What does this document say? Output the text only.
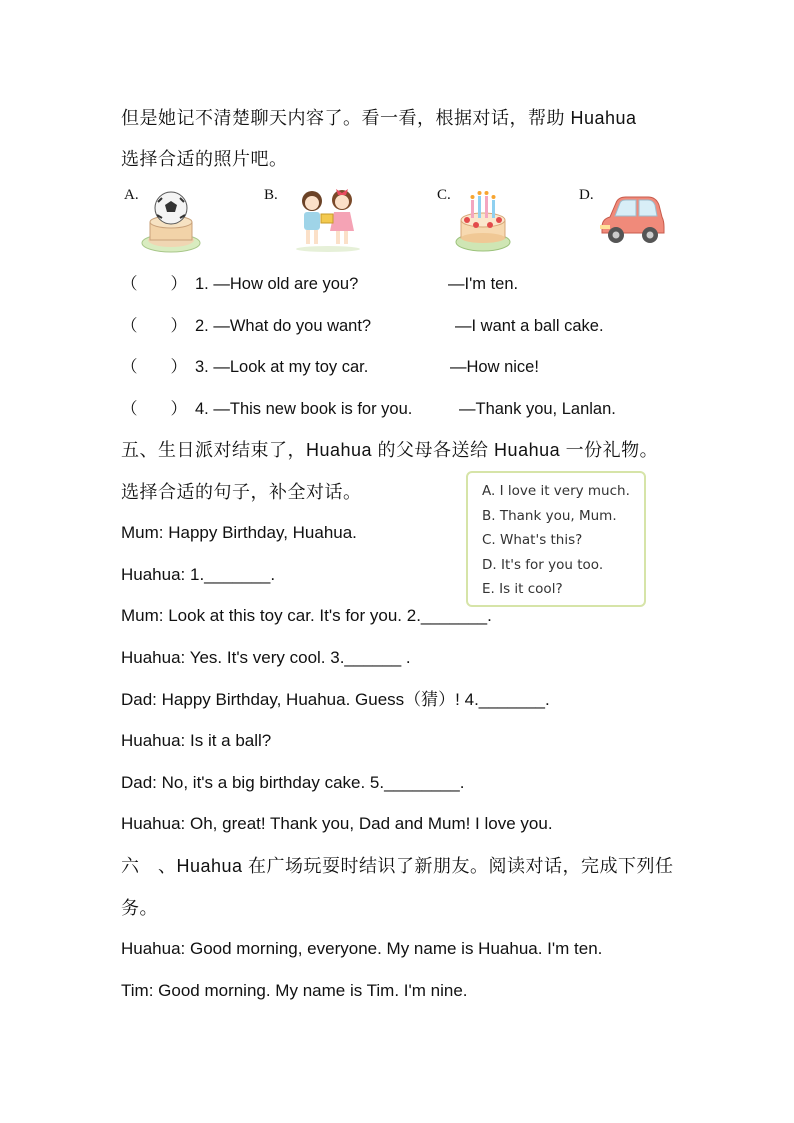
但是她记不清楚聊天内容了。看一看，根据对话，帮助 Huahua
选择合适的照片吧。
A.	B.	C.	D.
（　　） 1. —How old are you?	—I'm ten.
（　　） 2. —What do you want?	—I want a ball cake.
（　　） 3. —Look at my toy car.	—How nice!
（　　） 4. —This new book is for you.	—Thank you, Lanlan.
五、生日派对结束了，Huahua 的父母各送给 Huahua 一份礼物。
选择合适的句子，补全对话。	A. I love it very much.
B. Thank you, Mum.
C. What's this?
D. It's for you too.
E. Is it cool?
Mum: Happy Birthday, Huahua.
Huahua: 1._______.
Mum: Look at this toy car. It's for you. 2._______.
Huahua: Yes. It's very cool. 3.______ .
Dad: Happy Birthday, Huahua. Guess（猜）! 4._______.
Huahua: Is it a ball?
Dad: No, it's a big birthday cake. 5.________.
Huahua: Oh, great! Thank you, Dad and Mum! I love you.
六　、Huahua 在广场玩耍时结识了新朋友。阅读对话，完成下列任
务。
Huahua: Good morning, everyone. My name is Huahua. I'm ten.
Tim: Good morning. My name is Tim. I'm nine.
